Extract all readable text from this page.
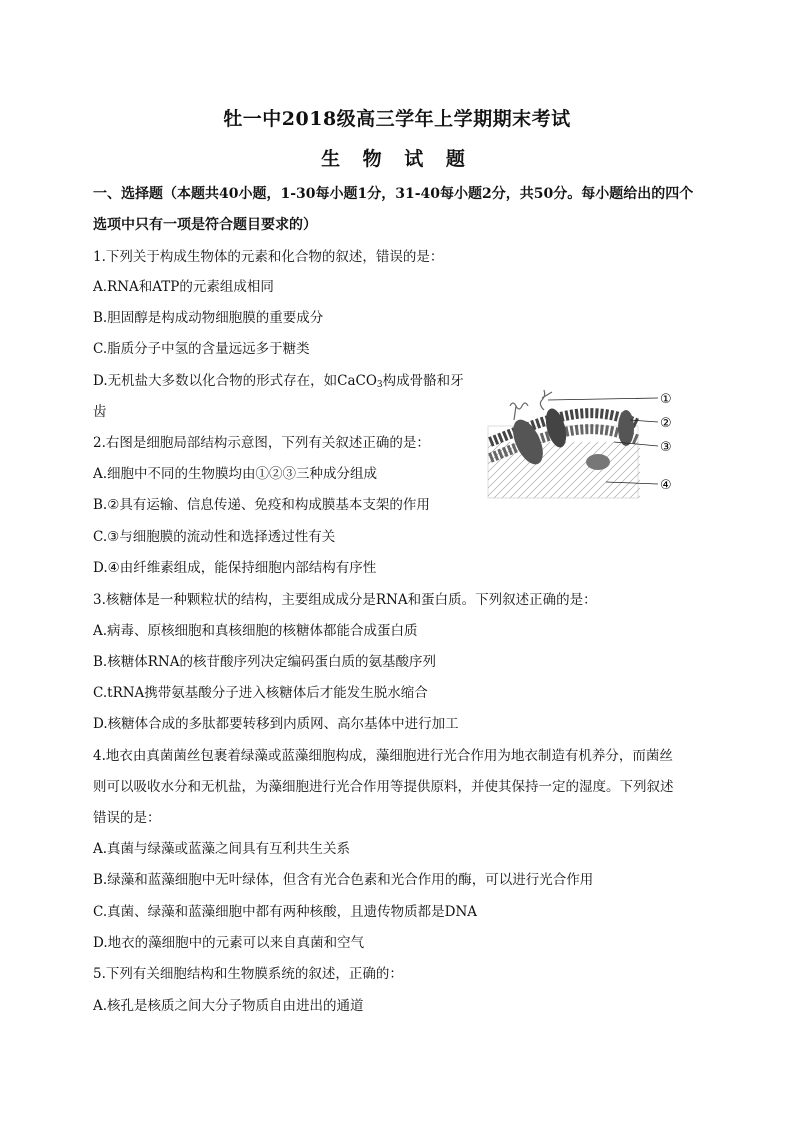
牡一中2018级高三学年上学期期末考试
生 物 试 题
一、选择题（本题共40小题，1-30每小题1分，31-40每小题2分，共50分。每小题给出的四个
选项中只有一项是符合题目要求的）
1.下列关于构成生物体的元素和化合物的叙述，错误的是：
A.RNA和ATP的元素组成相同
B.胆固醇是构成动物细胞膜的重要成分
C.脂质分子中氢的含量远远多于糖类
D.无机盐大多数以化合物的形式存在，如CaCO$_3$构成骨骼和牙
齿
2.右图是细胞局部结构示意图，下列有关叙述正确的是：
A.细胞中不同的生物膜均由①②③三种成分组成
B.②具有运输、信息传递、免疫和构成膜基本支架的作用
C.③与细胞膜的流动性和选择透过性有关
D.④由纤维素组成，能保持细胞内部结构有序性
3.核糖体是一种颗粒状的结构，主要组成成分是RNA和蛋白质。下列叙述正确的是：
A.病毒、原核细胞和真核细胞的核糖体都能合成蛋白质
B.核糖体RNA的核苷酸序列决定编码蛋白质的氨基酸序列
C.tRNA携带氨基酸分子进入核糖体后才能发生脱水缩合
D.核糖体合成的多肽都要转移到内质网、高尔基体中进行加工
4.地衣由真菌菌丝包裹着绿藻或蓝藻细胞构成，藻细胞进行光合作用为地衣制造有机养分，而菌丝
则可以吸收水分和无机盐，为藻细胞进行光合作用等提供原料，并使其保持一定的湿度。下列叙述
错误的是：
A.真菌与绿藻或蓝藻之间具有互利共生关系
B.绿藻和蓝藻细胞中无叶绿体，但含有光合色素和光合作用的酶，可以进行光合作用
C.真菌、绿藻和蓝藻细胞中都有两种核酸，且遗传物质都是DNA
D.地衣的藻细胞中的元素可以来自真菌和空气
5.下列有关细胞结构和生物膜系统的叙述，正确的：
A.核孔是核质之间大分子物质自由进出的通道
①
②
③
④
